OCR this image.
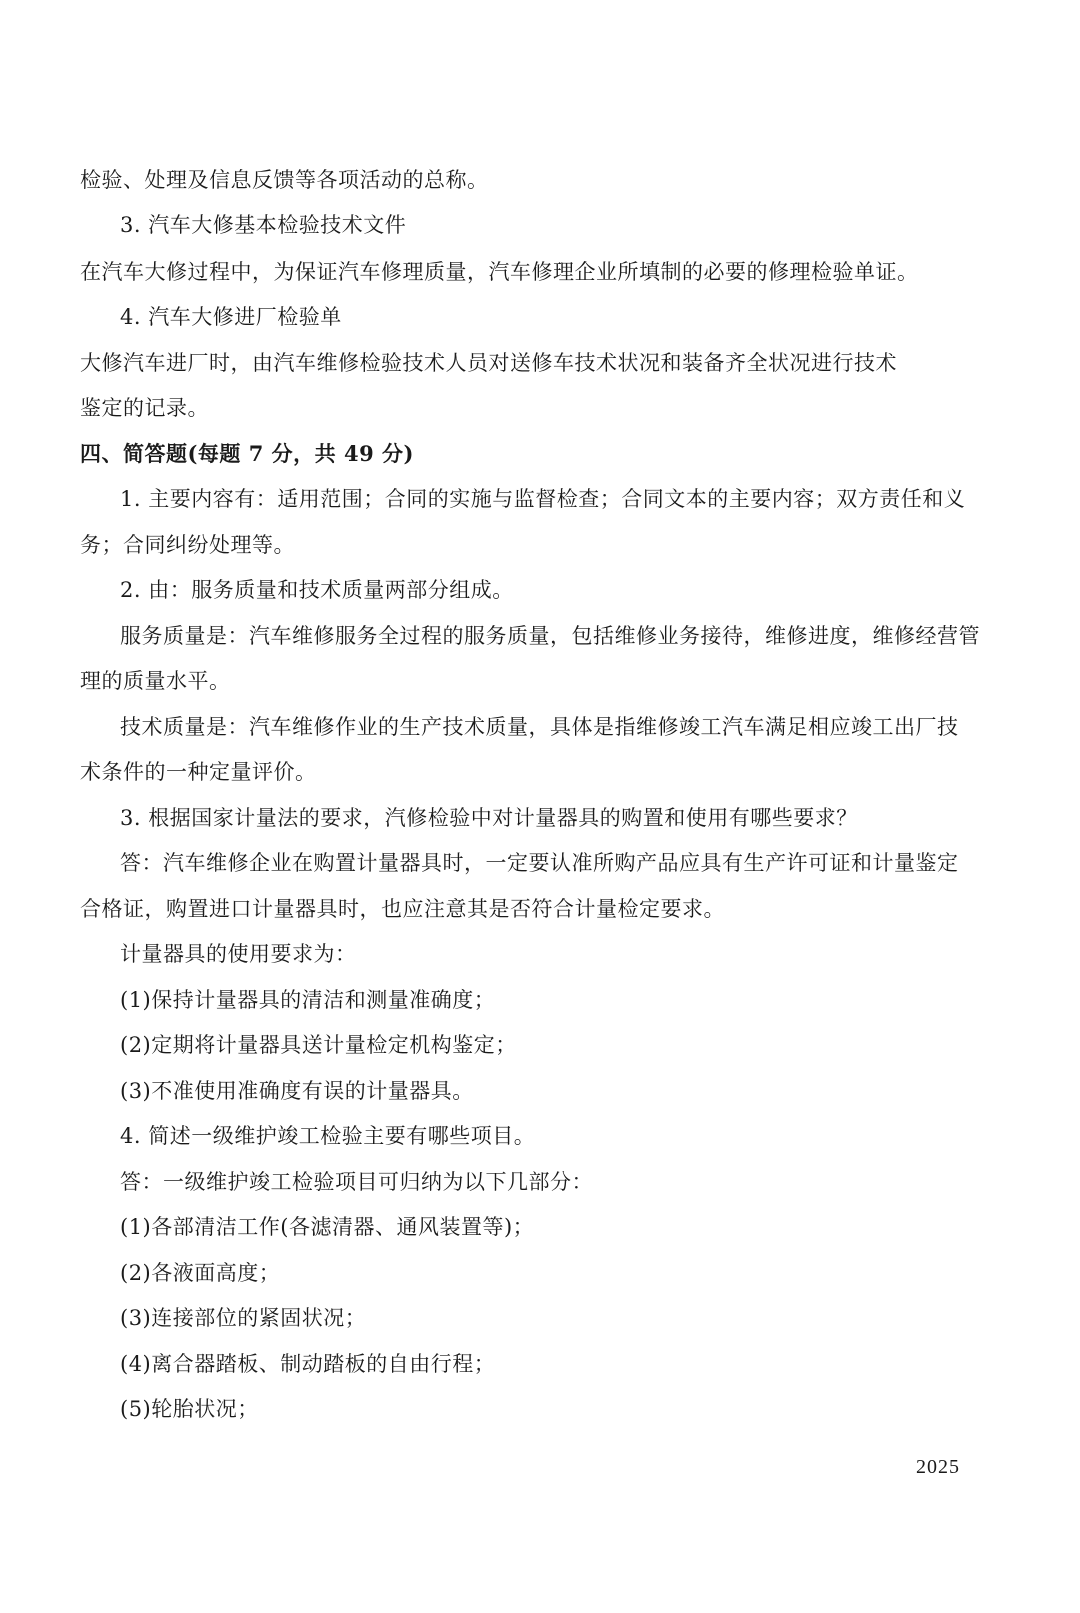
检验、处理及信息反馈等各项活动的总称。
3. 汽车大修基本检验技术文件
在汽车大修过程中，为保证汽车修理质量，汽车修理企业所填制的必要的修理检验单证。
4. 汽车大修进厂检验单
大修汽车进厂时，由汽车维修检验技术人员对送修车技术状况和装备齐全状况进行技术
鉴定的记录。
四、简答题(每题 7 分，共 49 分)
1. 主要内容有：适用范围；合同的实施与监督检查；合同文本的主要内容；双方责任和义
务；合同纠纷处理等。
2. 由：服务质量和技术质量两部分组成。
服务质量是：汽车维修服务全过程的服务质量，包括维修业务接待，维修进度，维修经营管
理的质量水平。
技术质量是：汽车维修作业的生产技术质量，具体是指维修竣工汽车满足相应竣工出厂技
术条件的一种定量评价。
3. 根据国家计量法的要求，汽修检验中对计量器具的购置和使用有哪些要求？
答：汽车维修企业在购置计量器具时，一定要认准所购产品应具有生产许可证和计量鉴定
合格证，购置进口计量器具时，也应注意其是否符合计量检定要求。
计量器具的使用要求为：
(1)保持计量器具的清洁和测量准确度；
(2)定期将计量器具送计量检定机构鉴定；
(3)不准使用准确度有误的计量器具。
4. 简述一级维护竣工检验主要有哪些项目。
答：一级维护竣工检验项目可归纳为以下几部分：
(1)各部清洁工作(各滤清器、通风装置等)；
(2)各液面高度；
(3)连接部位的紧固状况；
(4)离合器踏板、制动踏板的自由行程；
(5)轮胎状况；
2025
